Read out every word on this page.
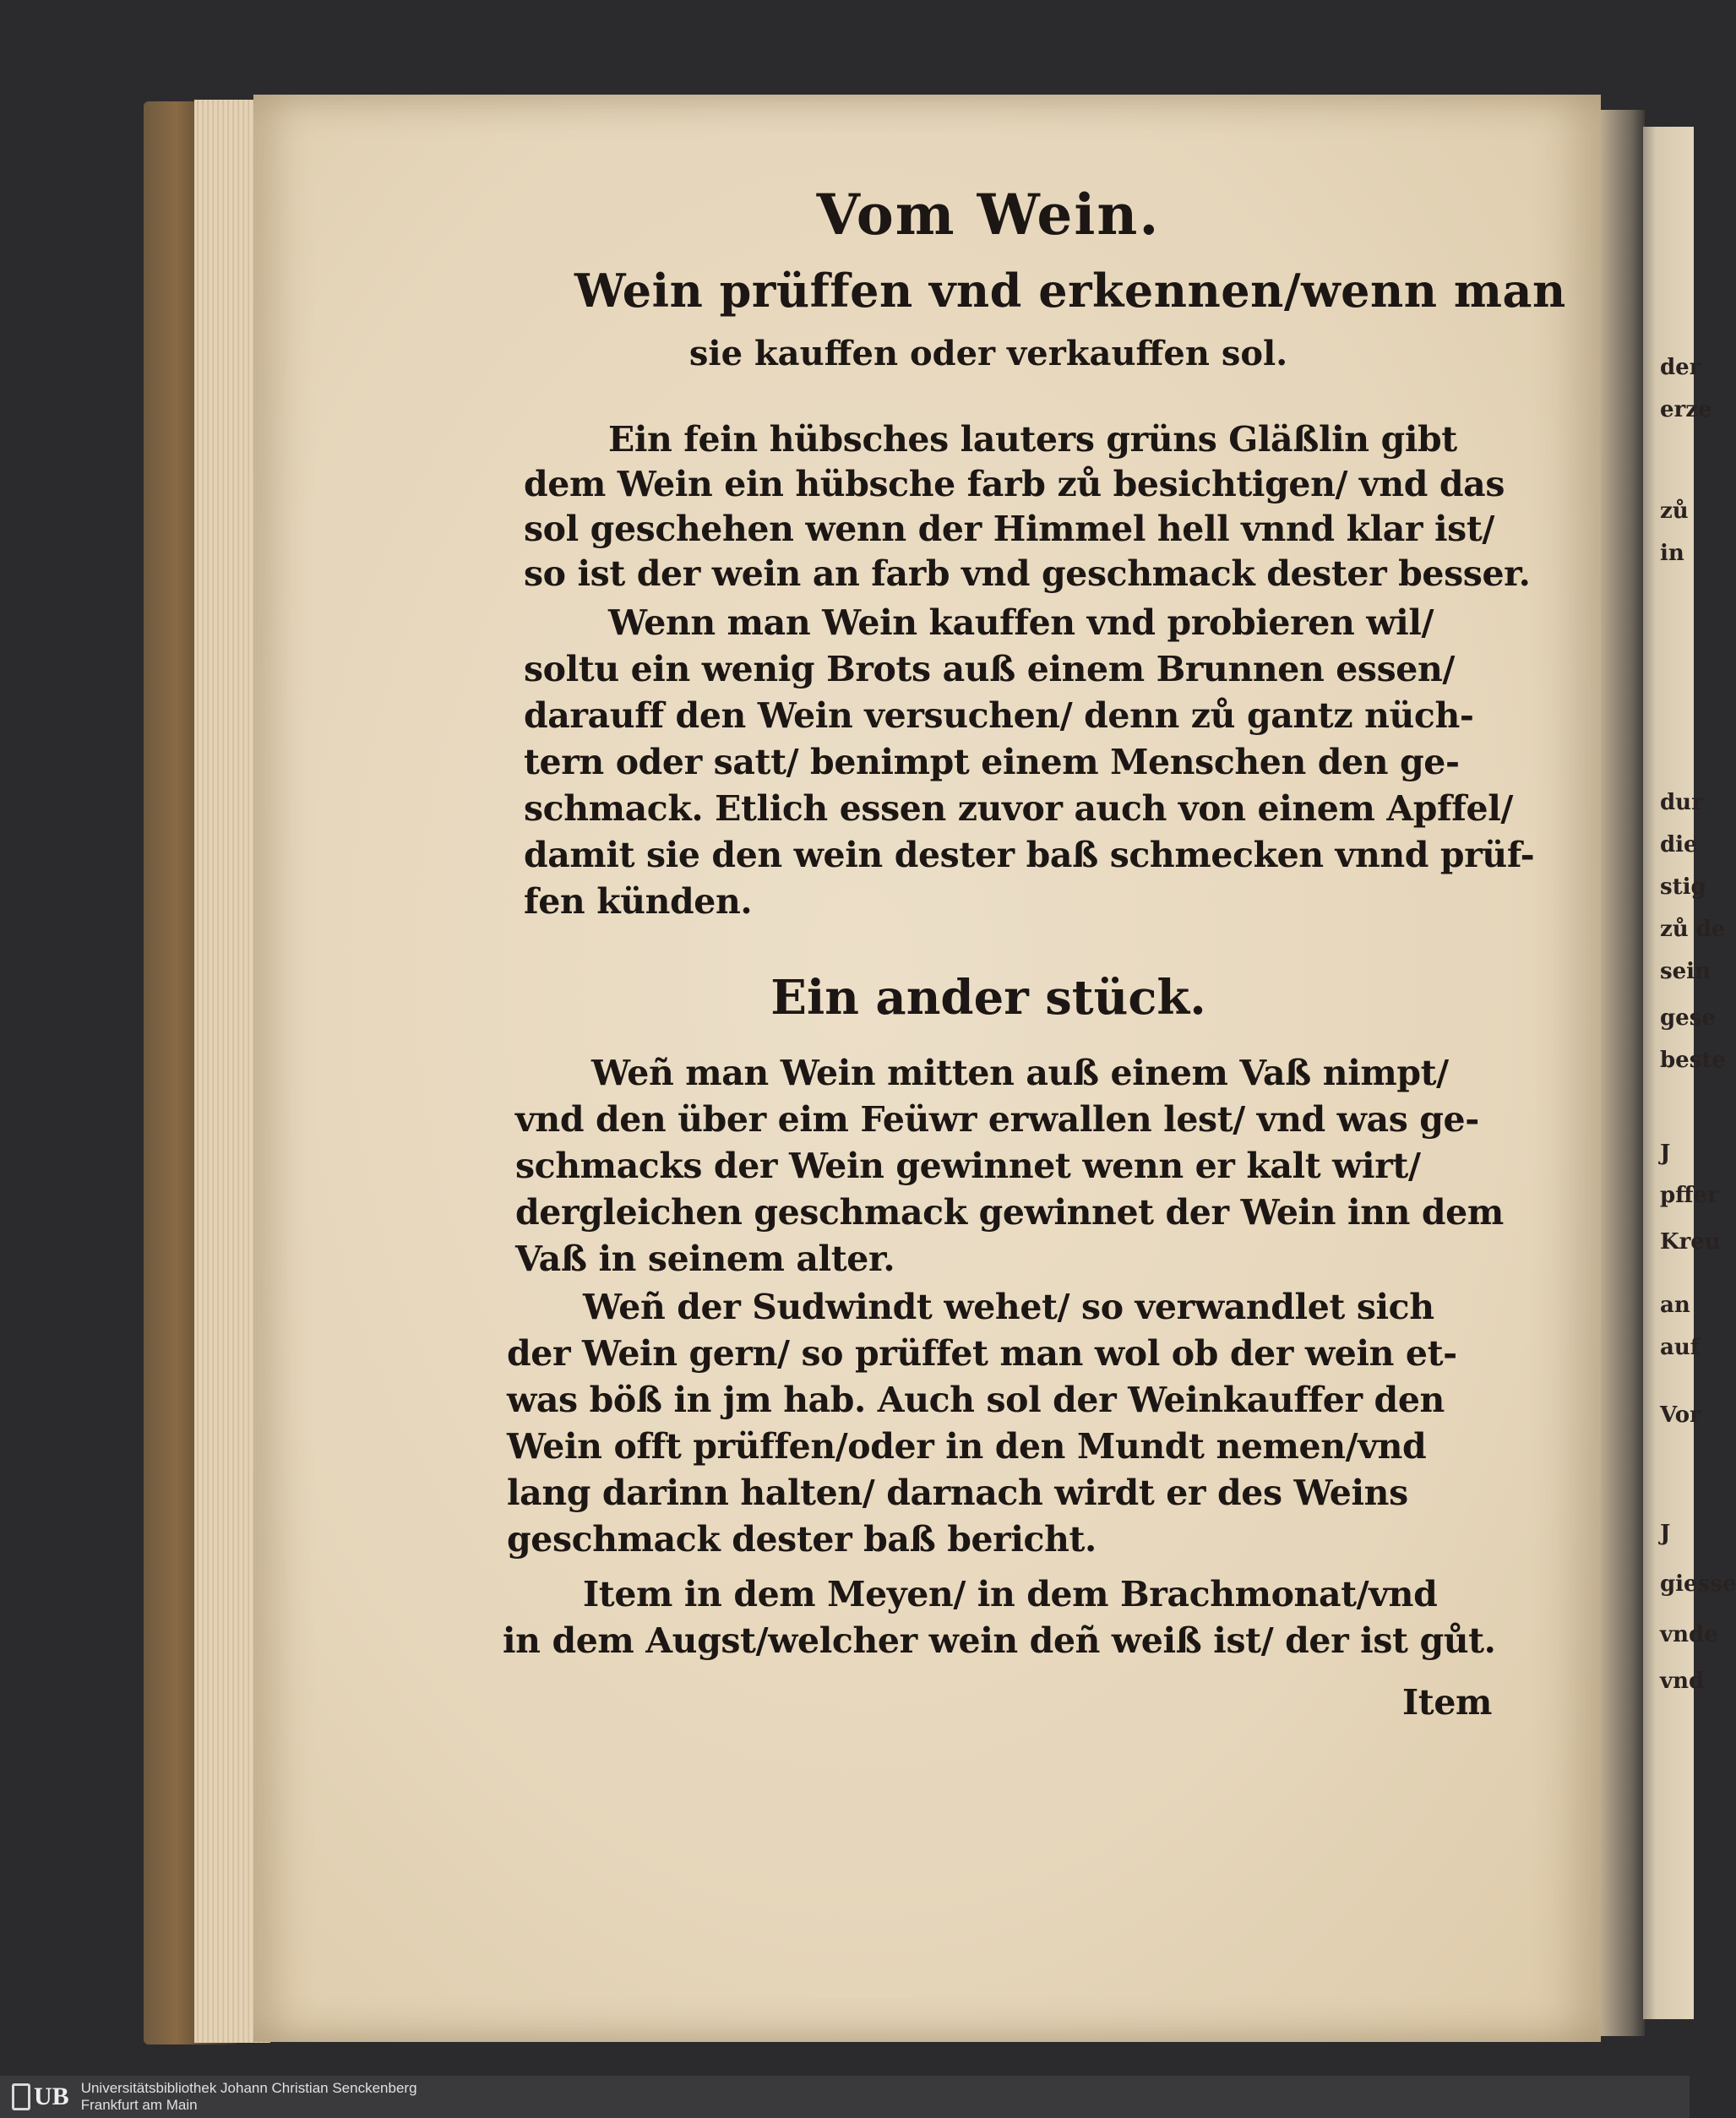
der
erze
zů
in
dur
die
stig
zů de
sein
gese
beste
J
pffer
Kreu
an
auf
Vor
J
giesse
vnde
vnd
Vom Wein.
Wein prüffen vnd erkennen/wenn man
sie kauffen oder verkauffen sol.
Ein fein hübsches lauters grüns Gläßlin gibt
dem Wein ein hübsche farb zů besichtigen/ vnd das
sol geschehen wenn der Himmel hell vnnd klar ist/
so ist der wein an farb vnd geschmack dester besser.
Wenn man Wein kauffen vnd probieren wil/
soltu ein wenig Brots auß einem Brunnen essen/
darauff den Wein versuchen/ denn zů gantz nüch-
tern oder satt/ benimpt einem Menschen den ge-
schmack. Etlich essen zuvor auch von einem Apffel/
damit sie den wein dester baß schmecken vnnd prüf-
fen künden.
Ein ander stück.
Weñ man Wein mitten auß einem Vaß nimpt/
vnd den über eim Feüwr erwallen lest/ vnd was ge-
schmacks der Wein gewinnet wenn er kalt wirt/
dergleichen geschmack gewinnet der Wein inn dem
Vaß in seinem alter.
Weñ der Sudwindt wehet/ so verwandlet sich
der Wein gern/ so prüffet man wol ob der wein et-
was böß in jm hab. Auch sol der Weinkauffer den
Wein offt prüffen/oder in den Mundt nemen/vnd
lang darinn halten/ darnach wirdt er des Weins
geschmack dester baß bericht.
Item in dem Meyen/ in dem Brachmonat/vnd
in dem Augst/welcher wein deñ weiß ist/ der ist gůt.
Item
UB Universitätsbibliothek Johann Christian Senckenberg
Frankfurt am Main
